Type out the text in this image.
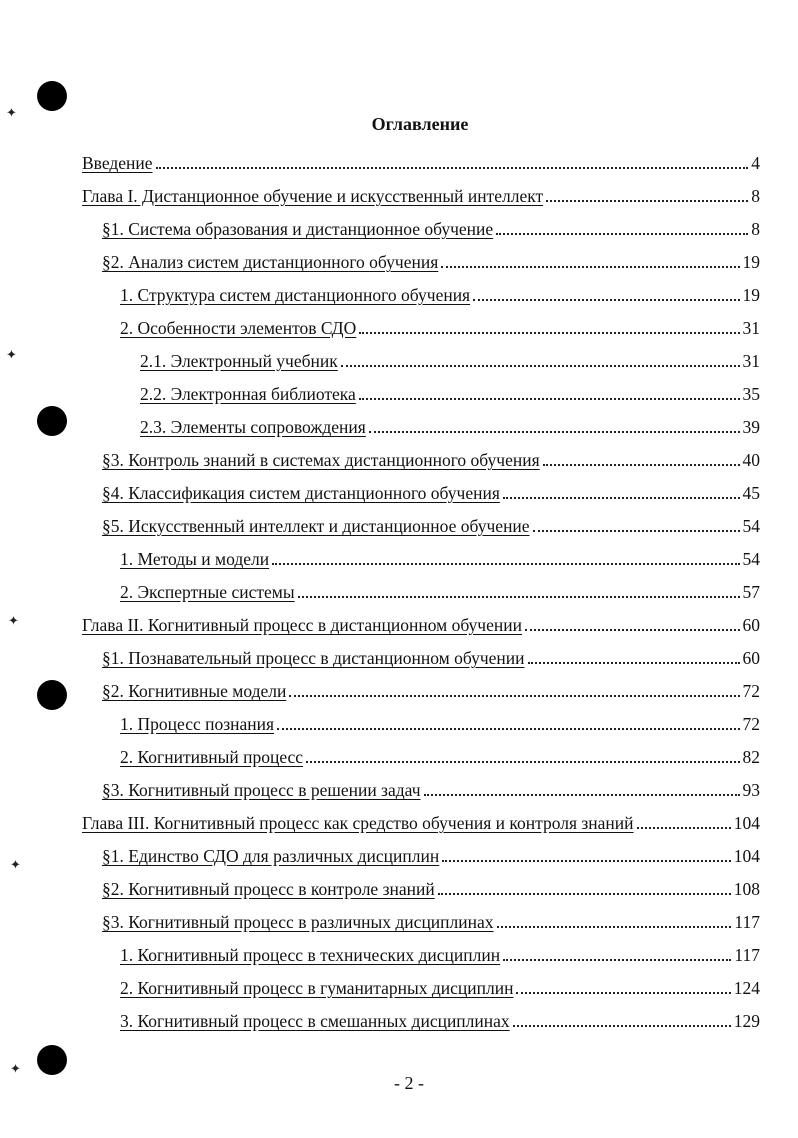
✦
✦
✦
✦
✦
Оглавление
Введение	4
Глава I. Дистанционное обучение и искусственный интеллект	8
§1. Система образования и дистанционное обучение	8
§2. Анализ систем дистанционного обучения	19
1. Структура систем дистанционного обучения	19
2. Особенности элементов СДО	31
2.1. Электронный учебник	31
2.2. Электронная библиотека	35
2.3. Элементы сопровождения	39
§3. Контроль знаний в системах дистанционного обучения	40
§4. Классификация систем дистанционного обучения	45
§5. Искусственный интеллект и дистанционное обучение	54
1. Методы и модели	54
2. Экспертные системы	57
Глава II. Когнитивный процесс в дистанционном обучении	60
§1. Познавательный процесс в дистанционном обучении	60
§2. Когнитивные модели	72
1. Процесс познания	72
2. Когнитивный процесс	82
§3. Когнитивный процесс в решении задач	93
Глава III. Когнитивный процесс как средство обучения и контроля знаний	104
§1. Единство СДО для различных дисциплин	104
§2. Когнитивный процесс в контроле знаний	108
§3. Когнитивный процесс в различных дисциплинах	117
1. Когнитивный процесс в технических дисциплин	117
2. Когнитивный процесс в гуманитарных дисциплин	124
3. Когнитивный процесс в смешанных дисциплинах	129
- 2 -
